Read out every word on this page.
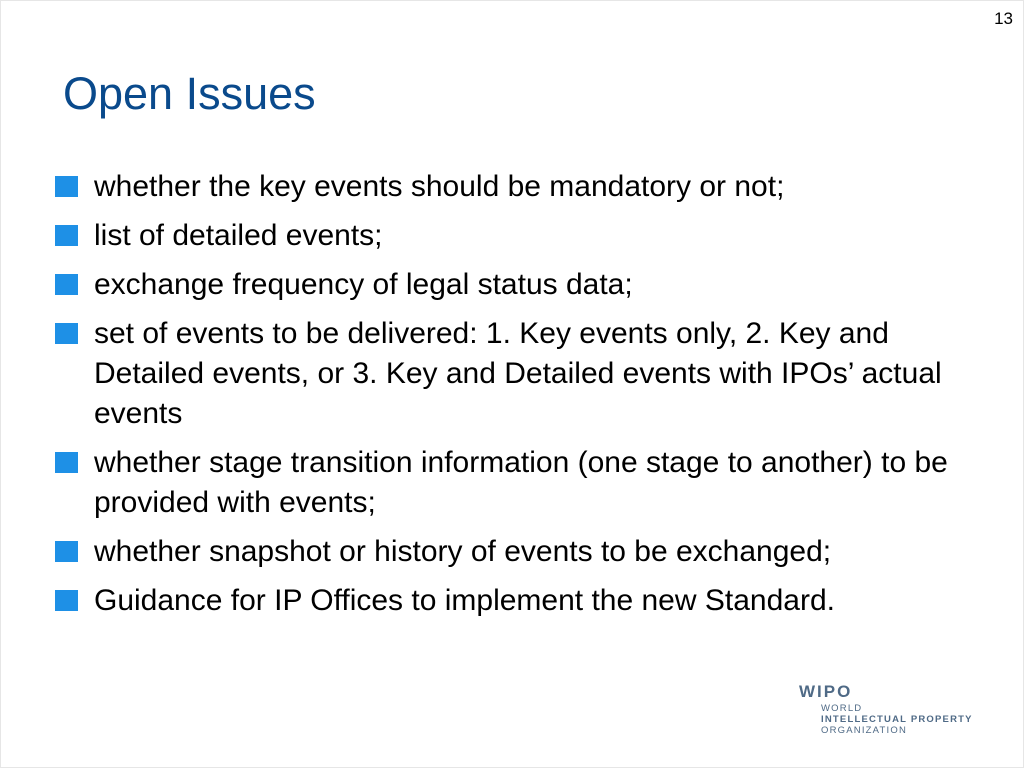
13
Open Issues
whether the key events should be mandatory or not;
list of detailed events;
exchange frequency of legal status data;
set of events to be delivered: 1. Key events only, 2. Key and Detailed events, or 3. Key and Detailed events with IPOs’ actual events
whether stage transition information (one stage to another) to be provided with events;
whether snapshot or history of events to be exchanged;
Guidance for IP Offices to implement the new Standard.
WIPO
WORLD
INTELLECTUAL PROPERTY
ORGANIZATION
